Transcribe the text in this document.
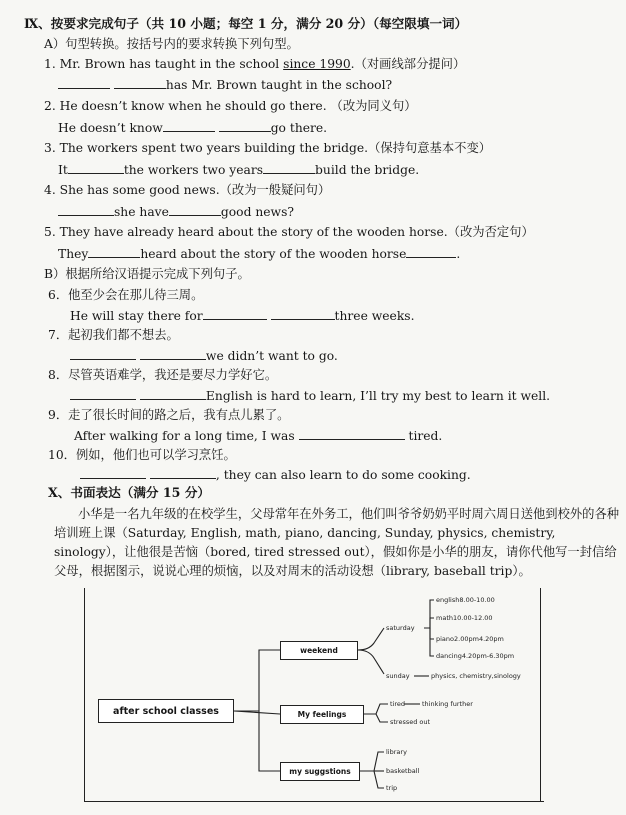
Ⅸ、按要求完成句子（共 10 小题；每空 1 分，满分 20 分）（每空限填一词）
A）句型转换。按括号内的要求转换下列句型。
1. Mr. Brown has taught in the school since 1990.（对画线部分提问）
has Mr. Brown taught in the school?
2. He doesn’t know when he should go there. （改为同义句）
He doesn’t know	go there.
3. The workers spent two years building the bridge.（保持句意基本不变）
It	the workers two years	build the bridge.
4. She has some good news.（改为一般疑问句）
she have	good news?
5. They have already heard about the story of the wooden horse.（改为否定句）
They	heard about the story of the wooden horse	.
B）根据所给汉语提示完成下列句子。
6．他至少会在那儿待三周。
He will stay there for	three weeks.
7．起初我们都不想去。
we didn’t want to go.
8．尽管英语难学，我还是要尽力学好它。
English is hard to learn, I’ll try my best to learn it well.
9．走了很长时间的路之后，我有点儿累了。
After walking for a long time, I was	tired.
10．例如，他们也可以学习烹饪。
, they can also learn to do some cooking.
Ⅹ、书面表达（满分 15 分）
小华是一名九年级的在校学生，父母常年在外务工，他们叫爷爷奶奶平时周六周日送他到校外的各种培训班上课（Saturday, English, math, piano, dancing, Sunday, physics, chemistry, sinology），让他很是苦恼（bored, tired stressed out），假如你是小华的朋友，请你代他写一封信给父母，根据图示，说说心理的烦恼，以及对周末的活动设想（library, baseball trip）。
after school classes
weekend
My feelings
my suggstions
saturday
sunday	physics, chemistry,sinology
english8.00-10.00
math10.00-12.00
piano2.00pm4.20pm
dancing4.20pm-6.30pm
tired	thinking further
stressed out
library
basketball
trip
